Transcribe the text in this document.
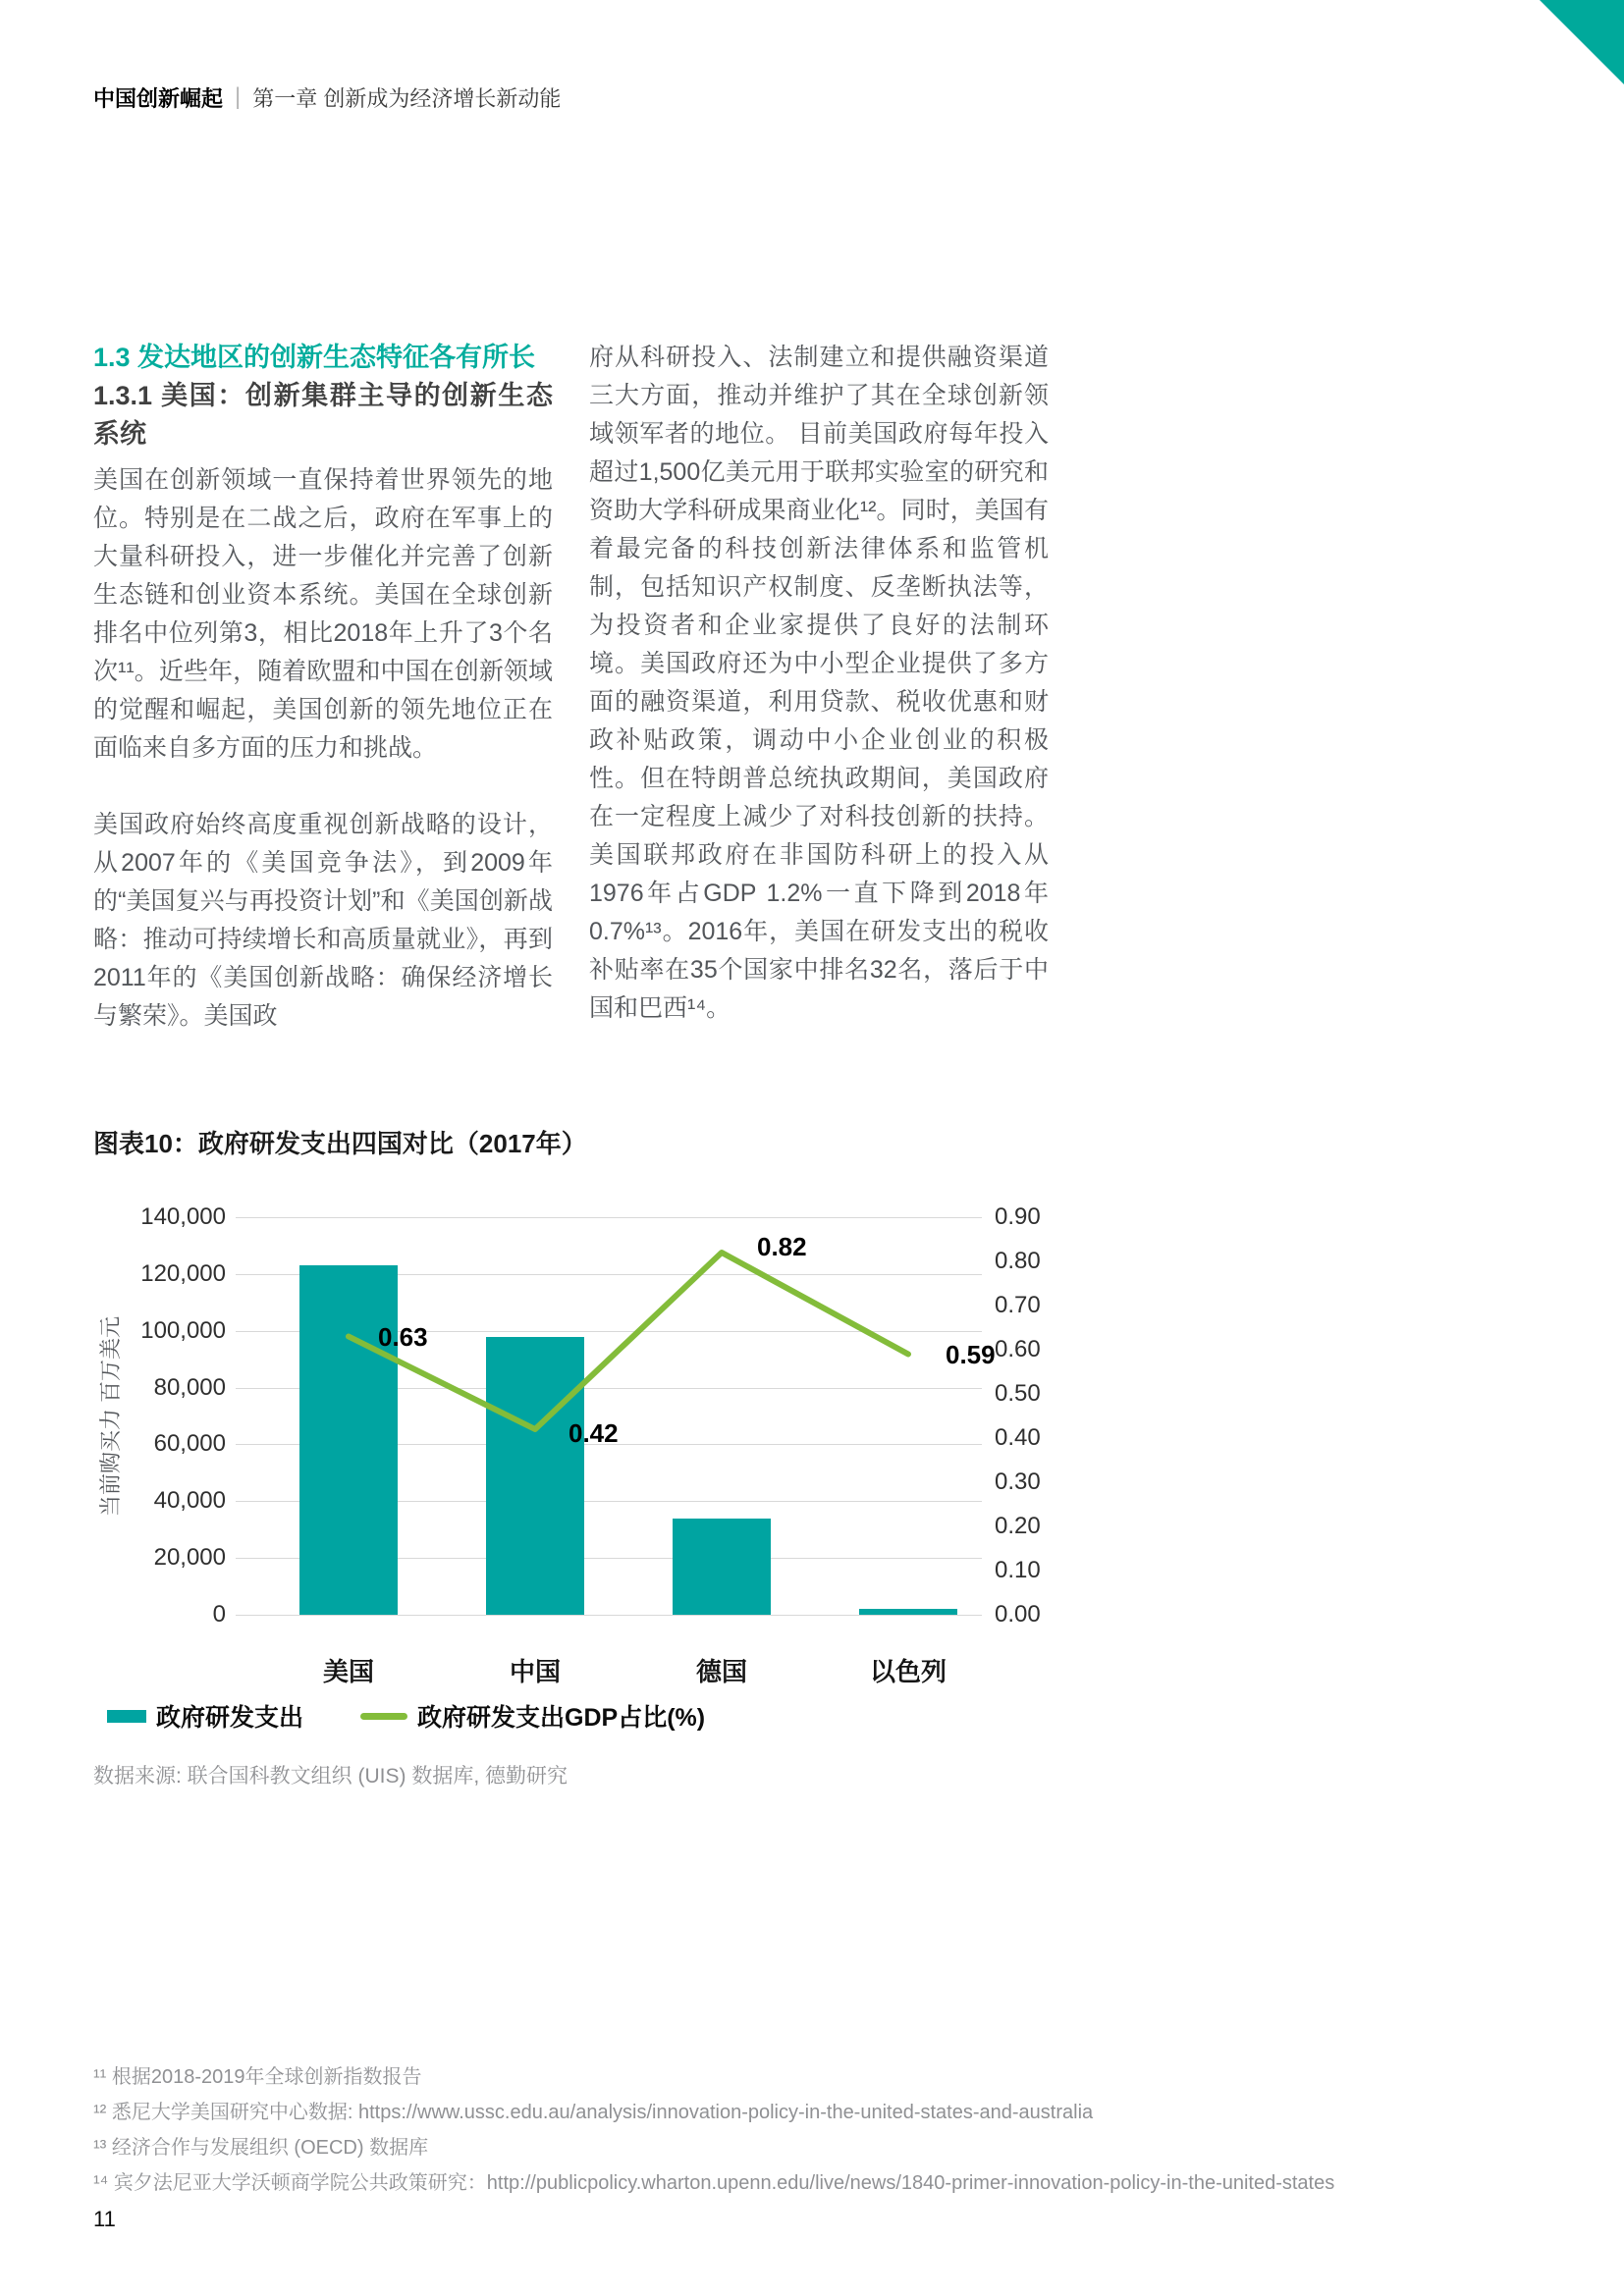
中国创新崛起 | 第一章 创新成为经济增长新动能
1.3 发达地区的创新生态特征各有所长
1.3.1 美国：创新集群主导的创新生态系统

美国在创新领域一直保持着世界领先的地位。特别是在二战之后，政府在军事上的大量科研投入，进一步催化并完善了创新生态链和创业资本系统。美国在全球创新排名中位列第3，相比2018年上升了3个名次¹¹。近些年，随着欧盟和中国在创新领域的觉醒和崛起，美国创新的领先地位正在面临来自多方面的压力和挑战。

美国政府始终高度重视创新战略的设计，从2007年的《美国竞争法》，到2009年的“美国复兴与再投资计划”和《美国创新战略：推动可持续增长和高质量就业》，再到2011年的《美国创新战略：确保经济增长与繁荣》。美国政

府从科研投入、法制建立和提供融资渠道三大方面，推动并维护了其在全球创新领域领军者的地位。 目前美国政府每年投入超过1,500亿美元用于联邦实验室的研究和资助大学科研成果商业化¹²。同时，美国有着最完备的科技创新法律体系和监管机制，包括知识产权制度、反垄断执法等，为投资者和企业家提供了良好的法制环境。美国政府还为中小型企业提供了多方面的融资渠道，利用贷款、税收优惠和财政补贴政策，调动中小企业创业的积极性。但在特朗普总统执政期间，美国政府在一定程度上减少了对科技创新的扶持。美国联邦政府在非国防科研上的投入从1976年占GDP 1.2%一直下降到2018年0.7%¹³。2016年，美国在研发支出的税收补贴率在35个国家中排名32名，落后于中国和巴西¹⁴。

图表10：政府研发支出四国对比（2017年）
140,000
120,000
100,000
80,000
60,000
40,000
20,000
0
0.90
0.80
0.70
0.60
0.50
0.40
0.30
0.20
0.10
0.00
当前购买力 百万美元
美国	中国	德国	以色列
0.63
0.42
0.82
0.59
政府研发支出	政府研发支出GDP占比(%)
数据来源: 联合国科教文组织 (UIS) 数据库, 德勤研究
¹¹ 根据2018-2019年全球创新指数报告
¹² 悉尼大学美国研究中心数据: https://www.ussc.edu.au/analysis/innovation-policy-in-the-united-states-and-australia
¹³ 经济合作与发展组织 (OECD) 数据库
¹⁴ 宾夕法尼亚大学沃顿商学院公共政策研究：http://publicpolicy.wharton.upenn.edu/live/news/1840-primer-innovation-policy-in-the-united-states
11
